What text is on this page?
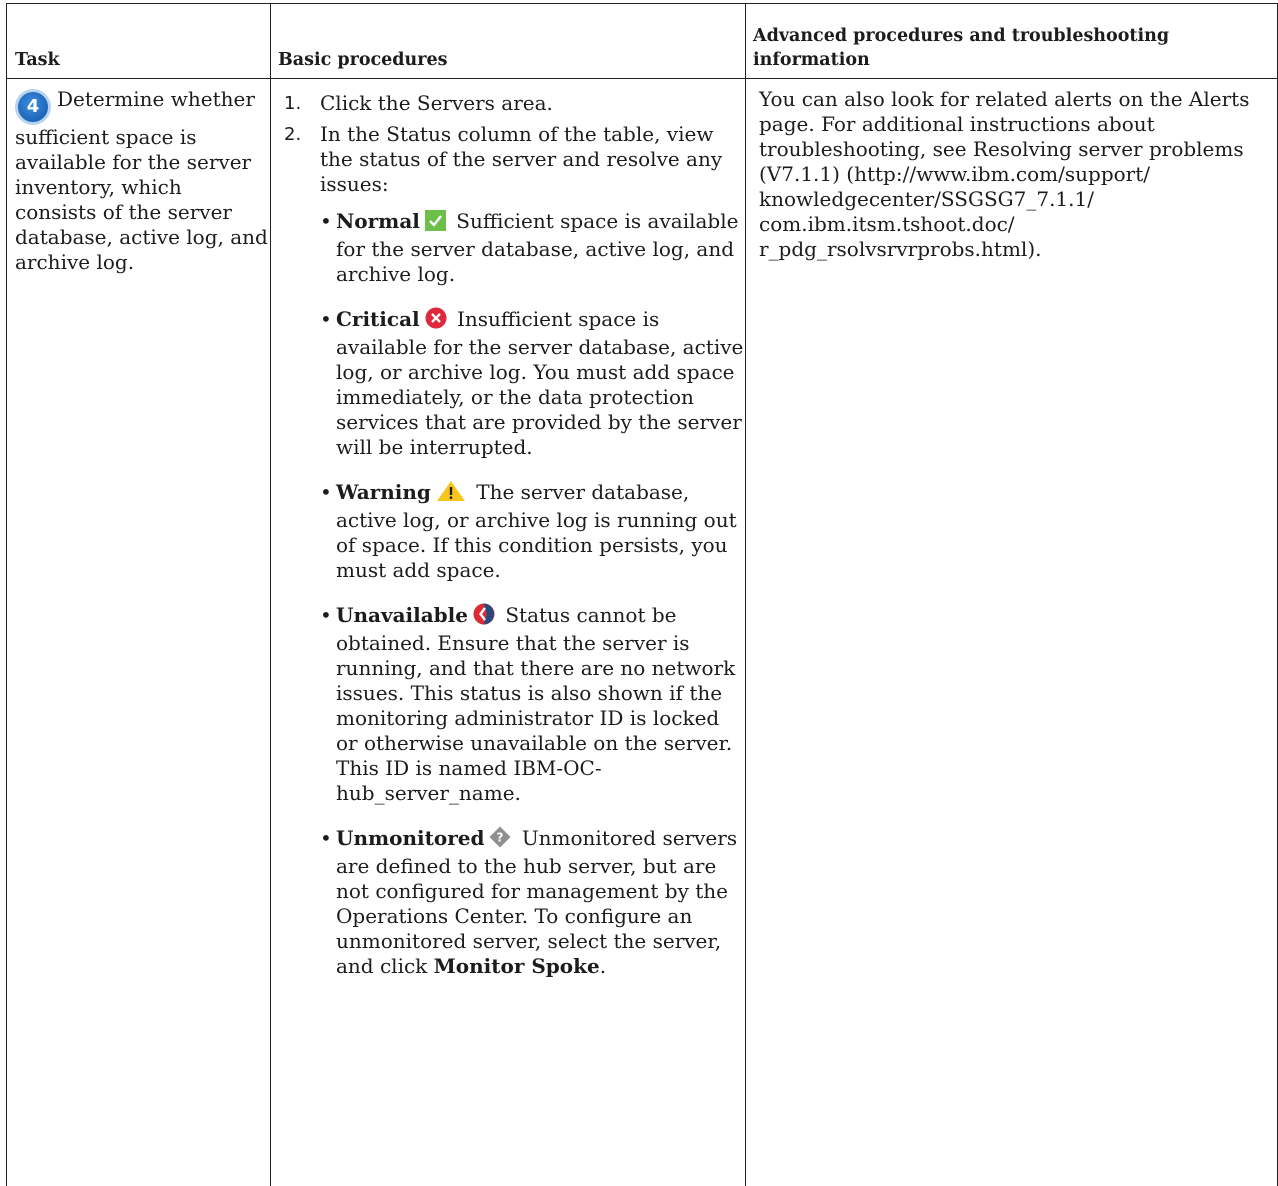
Task	Basic procedures
Advanced procedures and troubleshooting information
4 Determine whether sufficient space is available for the server inventory, which consists of the server database, active log, and archive log.
1. Click the Servers area.
2. In the Status column of the table, view the status of the server and resolve any issues:
• Normal Sufficient space is available for the server database, active log, and archive log.
• Critical Insufficient space is available for the server database, active log, or archive log. You must add space immediately, or the data protection services that are provided by the server will be interrupted.
• Warning The server database, active log, or archive log is running out of space. If this condition persists, you must add space.
• Unavailable Status cannot be obtained. Ensure that the server is running, and that there are no network issues. This status is also shown if the monitoring administrator ID is locked or otherwise unavailable on the server. This ID is named IBM-OC-hub_server_name.
• Unmonitored ? Unmonitored servers are defined to the hub server, but are not configured for management by the Operations Center. To configure an unmonitored server, select the server, and click Monitor Spoke.
You can also look for related alerts on the Alerts page. For additional instructions about troubleshooting, see Resolving server problems (V7.1.1) (http://www.ibm.com/support/ knowledgecenter/SSGSG7_7.1.1/ com.ibm.itsm.tshoot.doc/ r_pdg_rsolvsrvrprobs.html).
